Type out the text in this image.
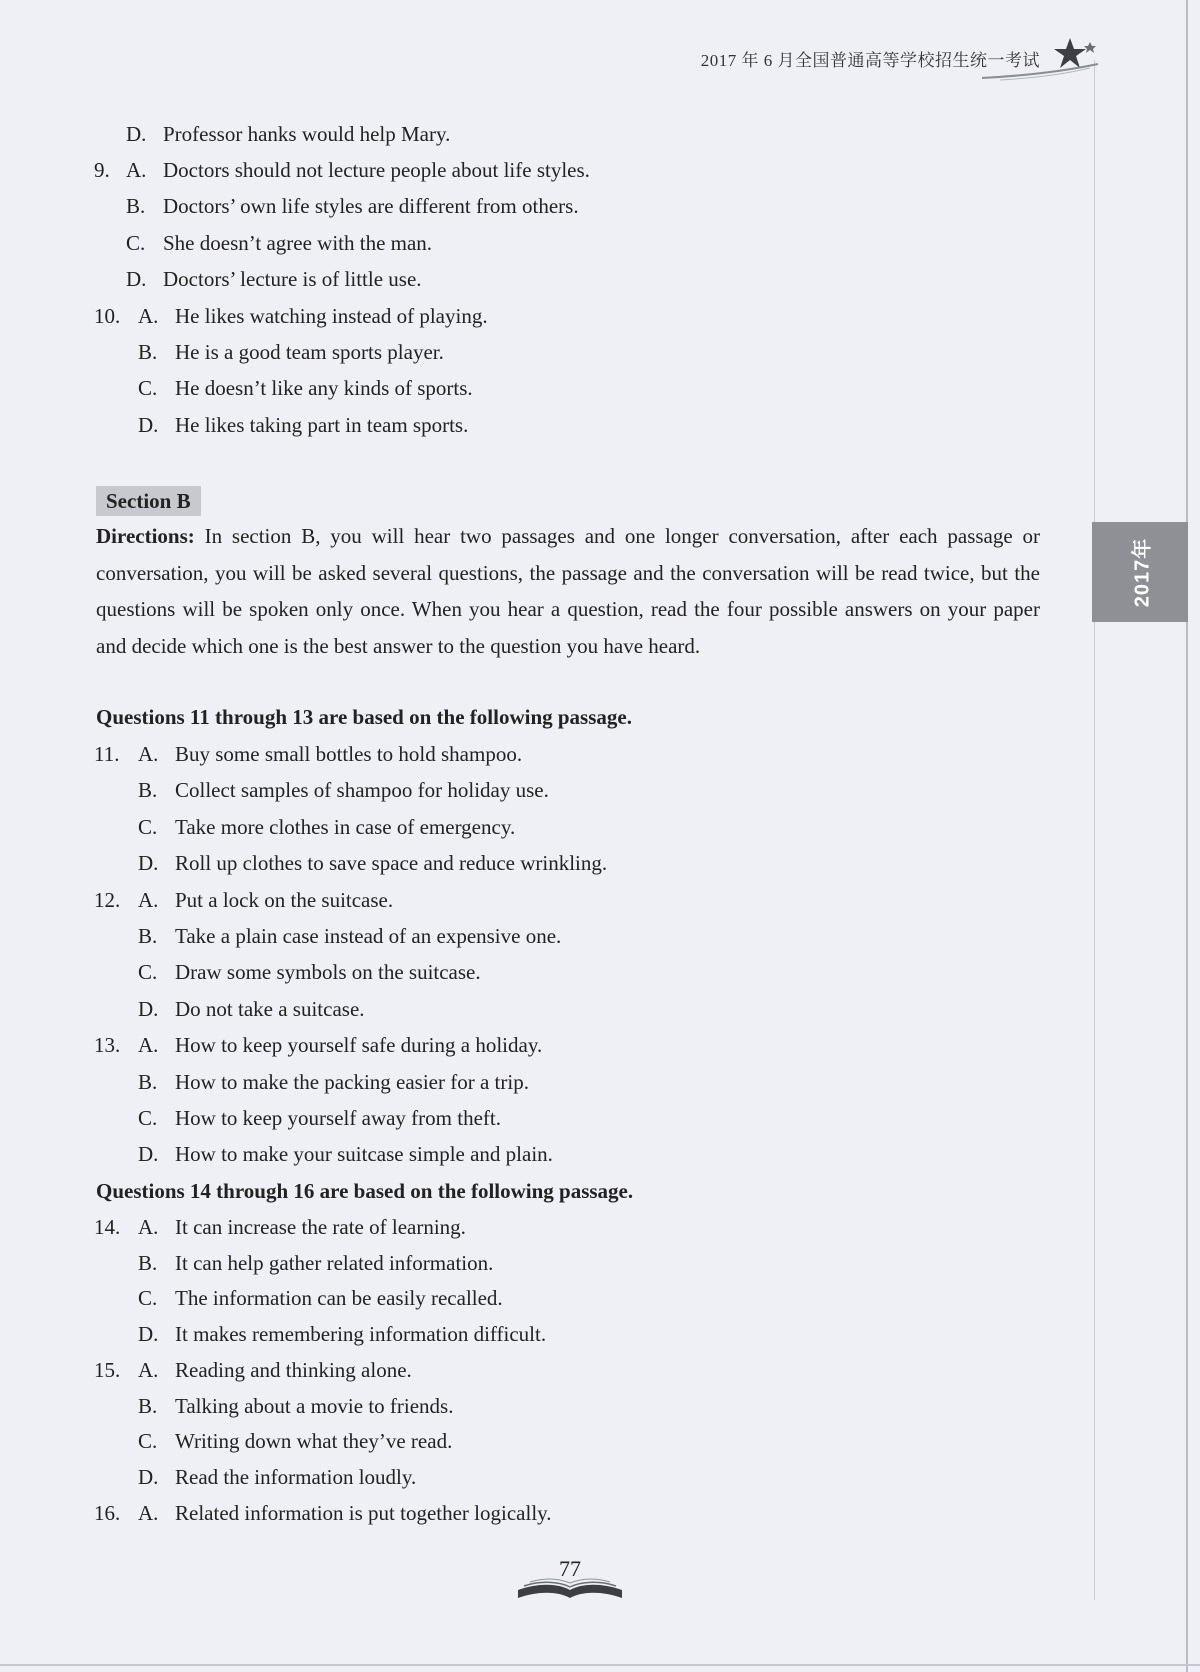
2017 年 6 月全国普通高等学校招生统一考试
2017年
D. Professor hanks would help Mary.
9. A. Doctors should not lecture people about life styles.
B. Doctors’ own life styles are different from others.
C. She doesn’t agree with the man.
D. Doctors’ lecture is of little use.
10. A. He likes watching instead of playing.
B. He is a good team sports player.
C. He doesn’t like any kinds of sports.
D. He likes taking part in team sports.
Section B
Directions: In section B, you will hear two passages and one longer conversation, after each passage or conversation, you will be asked several questions, the passage and the conversation will be read twice, but the questions will be spoken only once. When you hear a question, read the four possible answers on your paper and decide which one is the best answer to the question you have heard.
Questions 11 through 13 are based on the following passage.
11. A. Buy some small bottles to hold shampoo.
B. Collect samples of shampoo for holiday use.
C. Take more clothes in case of emergency.
D. Roll up clothes to save space and reduce wrinkling.
12. A. Put a lock on the suitcase.
B. Take a plain case instead of an expensive one.
C. Draw some symbols on the suitcase.
D. Do not take a suitcase.
13. A. How to keep yourself safe during a holiday.
B. How to make the packing easier for a trip.
C. How to keep yourself away from theft.
D. How to make your suitcase simple and plain.
Questions 14 through 16 are based on the following passage.
14. A. It can increase the rate of learning.
B. It can help gather related information.
C. The information can be easily recalled.
D. It makes remembering information difficult.
15. A. Reading and thinking alone.
B. Talking about a movie to friends.
C. Writing down what they’ve read.
D. Read the information loudly.
16. A. Related information is put together logically.
77
